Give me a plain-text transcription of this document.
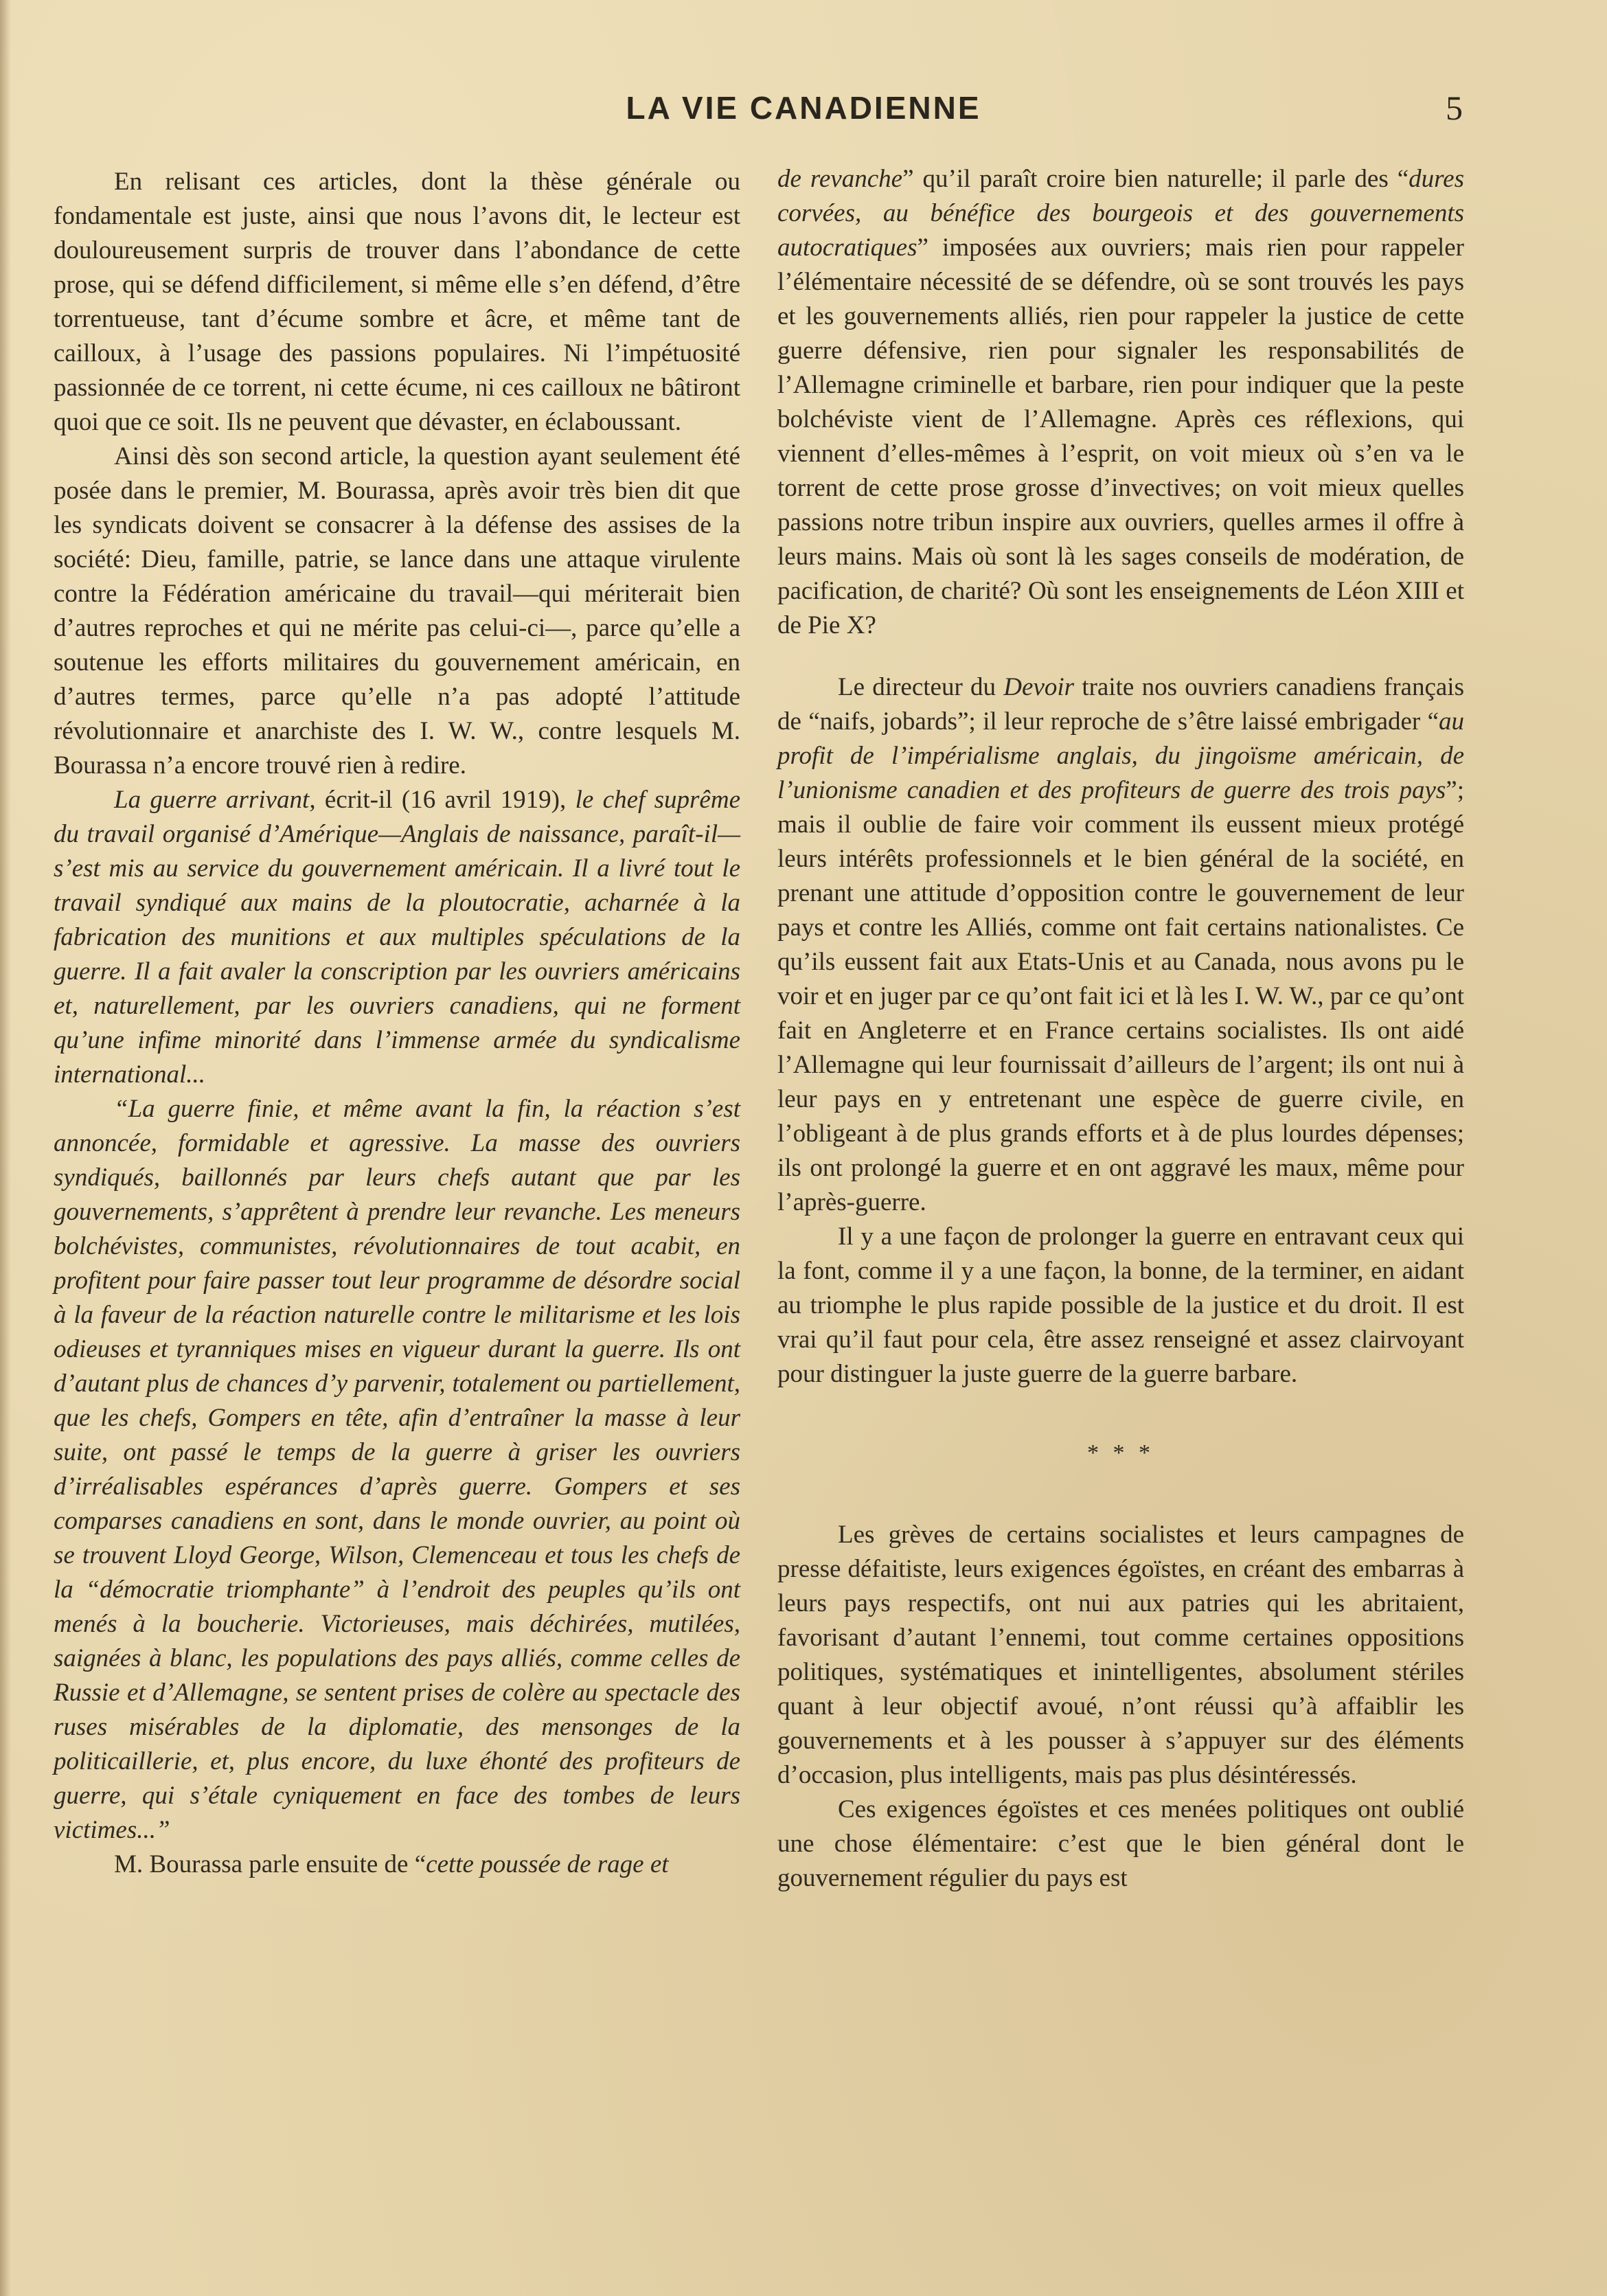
LA VIE CANADIENNE	5

En relisant ces articles, dont la thèse générale ou fondamentale est juste, ainsi que nous l’avons dit, le lecteur est douloureusement surpris de trouver dans l’abondance de cette prose, qui se défend difficilement, si même elle s’en défend, d’être torrentueuse, tant d’écume sombre et âcre, et même tant de cailloux, à l’usage des passions populaires. Ni l’impétuosité passionnée de ce torrent, ni cette écume, ni ces cailloux ne bâtiront quoi que ce soit. Ils ne peuvent que dévaster, en éclaboussant.

Ainsi dès son second article, la question ayant seulement été posée dans le premier, M. Bourassa, après avoir très bien dit que les syndicats doivent se consacrer à la défense des assises de la société: Dieu, famille, patrie, se lance dans une attaque virulente contre la Fédération américaine du travail—qui mériterait bien d’autres reproches et qui ne mérite pas celui-ci—, parce qu’elle a soutenue les efforts militaires du gouvernement américain, en d’autres termes, parce qu’elle n’a pas adopté l’attitude révolutionnaire et anarchiste des I. W. W., contre lesquels M. Bourassa n’a encore trouvé rien à redire.

La guerre arrivant, écrit-il (16 avril 1919), le chef suprême du travail organisé d’Amérique—Anglais de naissance, paraît-il—s’est mis au service du gouvernement américain. Il a livré tout le travail syndiqué aux mains de la ploutocratie, acharnée à la fabrication des munitions et aux multiples spéculations de la guerre. Il a fait avaler la conscription par les ouvriers américains et, naturellement, par les ouvriers canadiens, qui ne forment qu’une infime minorité dans l’immense armée du syndicalisme international...

“La guerre finie, et même avant la fin, la réaction s’est annoncée, formidable et agressive. La masse des ouvriers syndiqués, baillonnés par leurs chefs autant que par les gouvernements, s’apprêtent à prendre leur revanche. Les meneurs bolchévistes, communistes, révolutionnaires de tout acabit, en profitent pour faire passer tout leur programme de désordre social à la faveur de la réaction naturelle contre le militarisme et les lois odieuses et tyranniques mises en vigueur durant la guerre. Ils ont d’autant plus de chances d’y parvenir, totalement ou partiellement, que les chefs, Gompers en tête, afin d’entraîner la masse à leur suite, ont passé le temps de la guerre à griser les ouvriers d’irréalisables espérances d’après guerre. Gompers et ses comparses canadiens en sont, dans le monde ouvrier, au point où se trouvent Lloyd George, Wilson, Clemenceau et tous les chefs de la “démocratie triomphante” à l’endroit des peuples qu’ils ont menés à la boucherie. Victorieuses, mais déchirées, mutilées, saignées à blanc, les populations des pays alliés, comme celles de Russie et d’Allemagne, se sentent prises de colère au spectacle des ruses misérables de la diplomatie, des mensonges de la politicaillerie, et, plus encore, du luxe éhonté des profiteurs de guerre, qui s’étale cyniquement en face des tombes de leurs victimes...”

M. Bourassa parle ensuite de “cette poussée de rage et

de revanche” qu’il paraît croire bien naturelle; il parle des “dures corvées, au bénéfice des bourgeois et des gouvernements autocratiques” imposées aux ouvriers; mais rien pour rappeler l’élémentaire nécessité de se défendre, où se sont trouvés les pays et les gouvernements alliés, rien pour rappeler la justice de cette guerre défensive, rien pour signaler les responsabilités de l’Allemagne criminelle et barbare, rien pour indiquer que la peste bolchéviste vient de l’Allemagne. Après ces réflexions, qui viennent d’elles-mêmes à l’esprit, on voit mieux où s’en va le torrent de cette prose grosse d’invectives; on voit mieux quelles passions notre tribun inspire aux ouvriers, quelles armes il offre à leurs mains. Mais où sont là les sages conseils de modération, de pacification, de charité? Où sont les enseignements de Léon XIII et de Pie X?

Le directeur du Devoir traite nos ouvriers canadiens français de “naifs, jobards”; il leur reproche de s’être laissé embrigader “au profit de l’impérialisme anglais, du jingoïsme américain, de l’unionisme canadien et des profiteurs de guerre des trois pays”; mais il oublie de faire voir comment ils eussent mieux protégé leurs intérêts professionnels et le bien général de la société, en prenant une attitude d’opposition contre le gouvernement de leur pays et contre les Alliés, comme ont fait certains nationalistes. Ce qu’ils eussent fait aux Etats-Unis et au Canada, nous avons pu le voir et en juger par ce qu’ont fait ici et là les I. W. W., par ce qu’ont fait en Angleterre et en France certains socialistes. Ils ont aidé l’Allemagne qui leur fournissait d’ailleurs de l’argent; ils ont nui à leur pays en y entretenant une espèce de guerre civile, en l’obligeant à de plus grands efforts et à de plus lourdes dépenses; ils ont prolongé la guerre et en ont aggravé les maux, même pour l’après-guerre.

Il y a une façon de prolonger la guerre en entravant ceux qui la font, comme il y a une façon, la bonne, de la terminer, en aidant au triomphe le plus rapide possible de la justice et du droit. Il est vrai qu’il faut pour cela, être assez renseigné et assez clairvoyant pour distinguer la juste guerre de la guerre barbare.

* * *

Les grèves de certains socialistes et leurs campagnes de presse défaitiste, leurs exigences égoïstes, en créant des embarras à leurs pays respectifs, ont nui aux patries qui les abritaient, favorisant d’autant l’ennemi, tout comme certaines oppositions politiques, systématiques et inintelligentes, absolument stériles quant à leur objectif avoué, n’ont réussi qu’à affaiblir les gouvernements et à les pousser à s’appuyer sur des éléments d’occasion, plus intelligents, mais pas plus désintéressés.

Ces exigences égoïstes et ces menées politiques ont oublié une chose élémentaire: c’est que le bien général dont le gouvernement régulier du pays est
